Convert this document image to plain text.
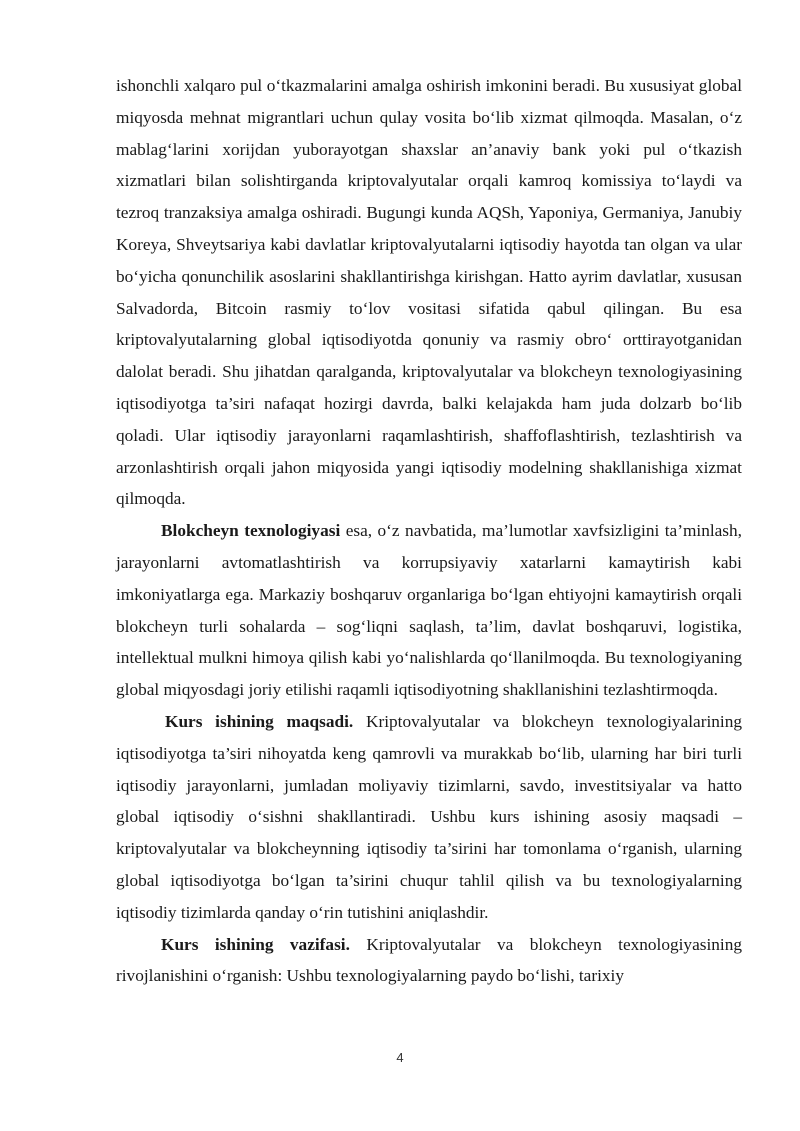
ishonchli xalqaro pul o‘tkazmalarini amalga oshirish imkonini beradi. Bu xususiyat global miqyosda mehnat migrantlari uchun qulay vosita bo‘lib xizmat qilmoqda. Masalan, o‘z mablag‘larini xorijdan yuborayotgan shaxslar an’anaviy bank yoki pul o‘tkazish xizmatlari bilan solishtirganda kriptovalyutalar orqali kamroq komissiya to‘laydi va tezroq tranzaksiya amalga oshiradi. Bugungi kunda AQSh, Yaponiya, Germaniya, Janubiy Koreya, Shveytsariya kabi davlatlar kriptovalyutalarni iqtisodiy hayotda tan olgan va ular bo‘yicha qonunchilik asoslarini shakllantirishga kirishgan. Hatto ayrim davlatlar, xususan Salvadorda, Bitcoin rasmiy to‘lov vositasi sifatida qabul qilingan. Bu esa kriptovalyutalarning global iqtisodiyotda qonuniy va rasmiy obro‘ orttirayotganidan dalolat beradi. Shu jihatdan qaralganda, kriptovalyutalar va blokcheyn texnologiyasining iqtisodiyotga ta’siri nafaqat hozirgi davrda, balki kelajakda ham juda dolzarb bo‘lib qoladi. Ular iqtisodiy jarayonlarni raqamlashtirish, shaffoflashtirish, tezlashtirish va arzonlashtirish orqali jahon miqyosida yangi iqtisodiy modelning shakllanishiga xizmat qilmoqda.

Blokcheyn texnologiyasi esa, o‘z navbatida, ma’lumotlar xavfsizligini ta’minlash, jarayonlarni avtomatlashtirish va korrupsiyaviy xatarlarni kamaytirish kabi imkoniyatlarga ega. Markaziy boshqaruv organlariga bo‘lgan ehtiyojni kamaytirish orqali blokcheyn turli sohalarda – sog‘liqni saqlash, ta’lim, davlat boshqaruvi, logistika, intellektual mulkni himoya qilish kabi yo‘nalishlarda qo‘llanilmoqda. Bu texnologiyaning global miqyosdagi joriy etilishi raqamli iqtisodiyotning shakllanishini tezlashtirmoqda.

Kurs ishining maqsadi. Kriptovalyutalar va blokcheyn texnologiyalarining iqtisodiyotga ta’siri nihoyatda keng qamrovli va murakkab bo‘lib, ularning har biri turli iqtisodiy jarayonlarni, jumladan moliyaviy tizimlarni, savdo, investitsiyalar va hatto global iqtisodiy o‘sishni shakllantiradi. Ushbu kurs ishining asosiy maqsadi – kriptovalyutalar va blokcheynning iqtisodiy ta’sirini har tomonlama o‘rganish, ularning global iqtisodiyotga bo‘lgan ta’sirini chuqur tahlil qilish va bu texnologiyalarning iqtisodiy tizimlarda qanday o‘rin tutishini aniqlashdir.

Kurs ishining vazifasi. Kriptovalyutalar va blokcheyn texnologiyasining rivojlanishini o‘rganish: Ushbu texnologiyalarning paydo bo‘lishi, tarixiy

4
